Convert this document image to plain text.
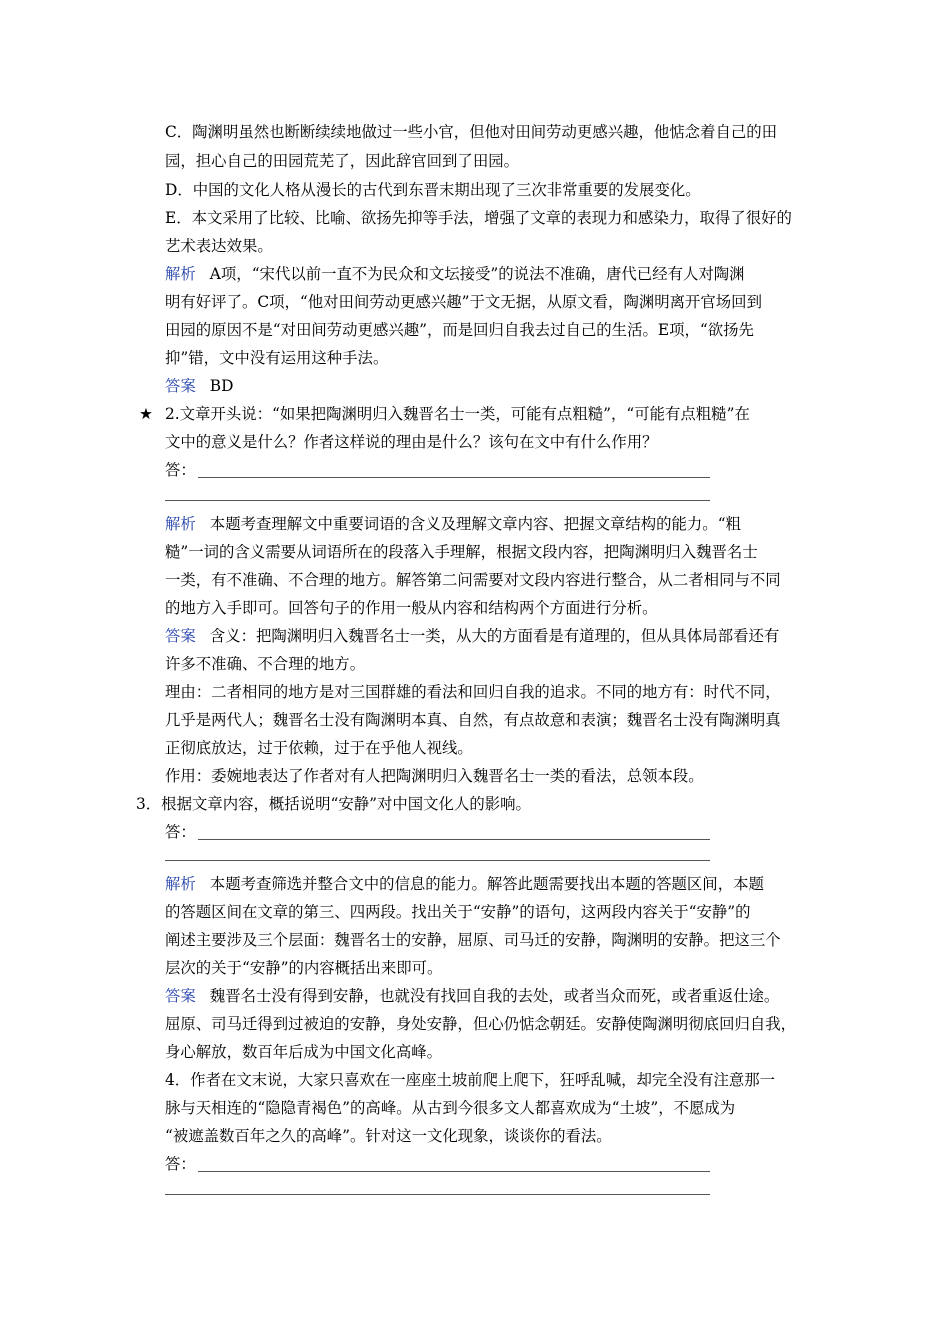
C．陶渊明虽然也断断续续地做过一些小官，但他对田间劳动更感兴趣，他惦念着自己的田
园，担心自己的田园荒芜了，因此辞官回到了田园。
D．中国的文化人格从漫长的古代到东晋末期出现了三次非常重要的发展变化。
E．本文采用了比较、比喻、欲扬先抑等手法，增强了文章的表现力和感染力，取得了很好的
艺术表达效果。
解析 A项，“宋代以前一直不为民众和文坛接受”的说法不准确，唐代已经有人对陶渊
明有好评了。C项，“他对田间劳动更感兴趣”于文无据，从原文看，陶渊明离开官场回到
田园的原因不是“对田间劳动更感兴趣”，而是回归自我去过自己的生活。E项，“欲扬先
抑”错，文中没有运用这种手法。
答案 BD
★ 2.文章开头说：“如果把陶渊明归入魏晋名士一类，可能有点粗糙”，“可能有点粗糙”在
文中的意义是什么？作者这样说的理由是什么？该句在文中有什么作用？
答：
解析 本题考查理解文中重要词语的含义及理解文章内容、把握文章结构的能力。“粗
糙”一词的含义需要从词语所在的段落入手理解，根据文段内容，把陶渊明归入魏晋名士
一类，有不准确、不合理的地方。解答第二问需要对文段内容进行整合，从二者相同与不同
的地方入手即可。回答句子的作用一般从内容和结构两个方面进行分析。
答案 含义：把陶渊明归入魏晋名士一类，从大的方面看是有道理的，但从具体局部看还有
许多不准确、不合理的地方。
理由：二者相同的地方是对三国群雄的看法和回归自我的追求。不同的地方有：时代不同，
几乎是两代人；魏晋名士没有陶渊明本真、自然，有点故意和表演；魏晋名士没有陶渊明真
正彻底放达，过于依赖，过于在乎他人视线。
作用：委婉地表达了作者对有人把陶渊明归入魏晋名士一类的看法，总领本段。
3．根据文章内容，概括说明“安静”对中国文化人的影响。
答：
解析 本题考查筛选并整合文中的信息的能力。解答此题需要找出本题的答题区间，本题
的答题区间在文章的第三、四两段。找出关于“安静”的语句，这两段内容关于“安静”的
阐述主要涉及三个层面：魏晋名士的安静，屈原、司马迁的安静，陶渊明的安静。把这三个
层次的关于“安静”的内容概括出来即可。
答案 魏晋名士没有得到安静，也就没有找回自我的去处，或者当众而死，或者重返仕途。
屈原、司马迁得到过被迫的安静，身处安静，但心仍惦念朝廷。安静使陶渊明彻底回归自我，
身心解放，数百年后成为中国文化高峰。
4．作者在文末说，大家只喜欢在一座座土坡前爬上爬下，狂呼乱喊，却完全没有注意那一
脉与天相连的“隐隐青褐色”的高峰。从古到今很多文人都喜欢成为“土坡”，不愿成为
“被遮盖数百年之久的高峰”。针对这一文化现象，谈谈你的看法。
答：
